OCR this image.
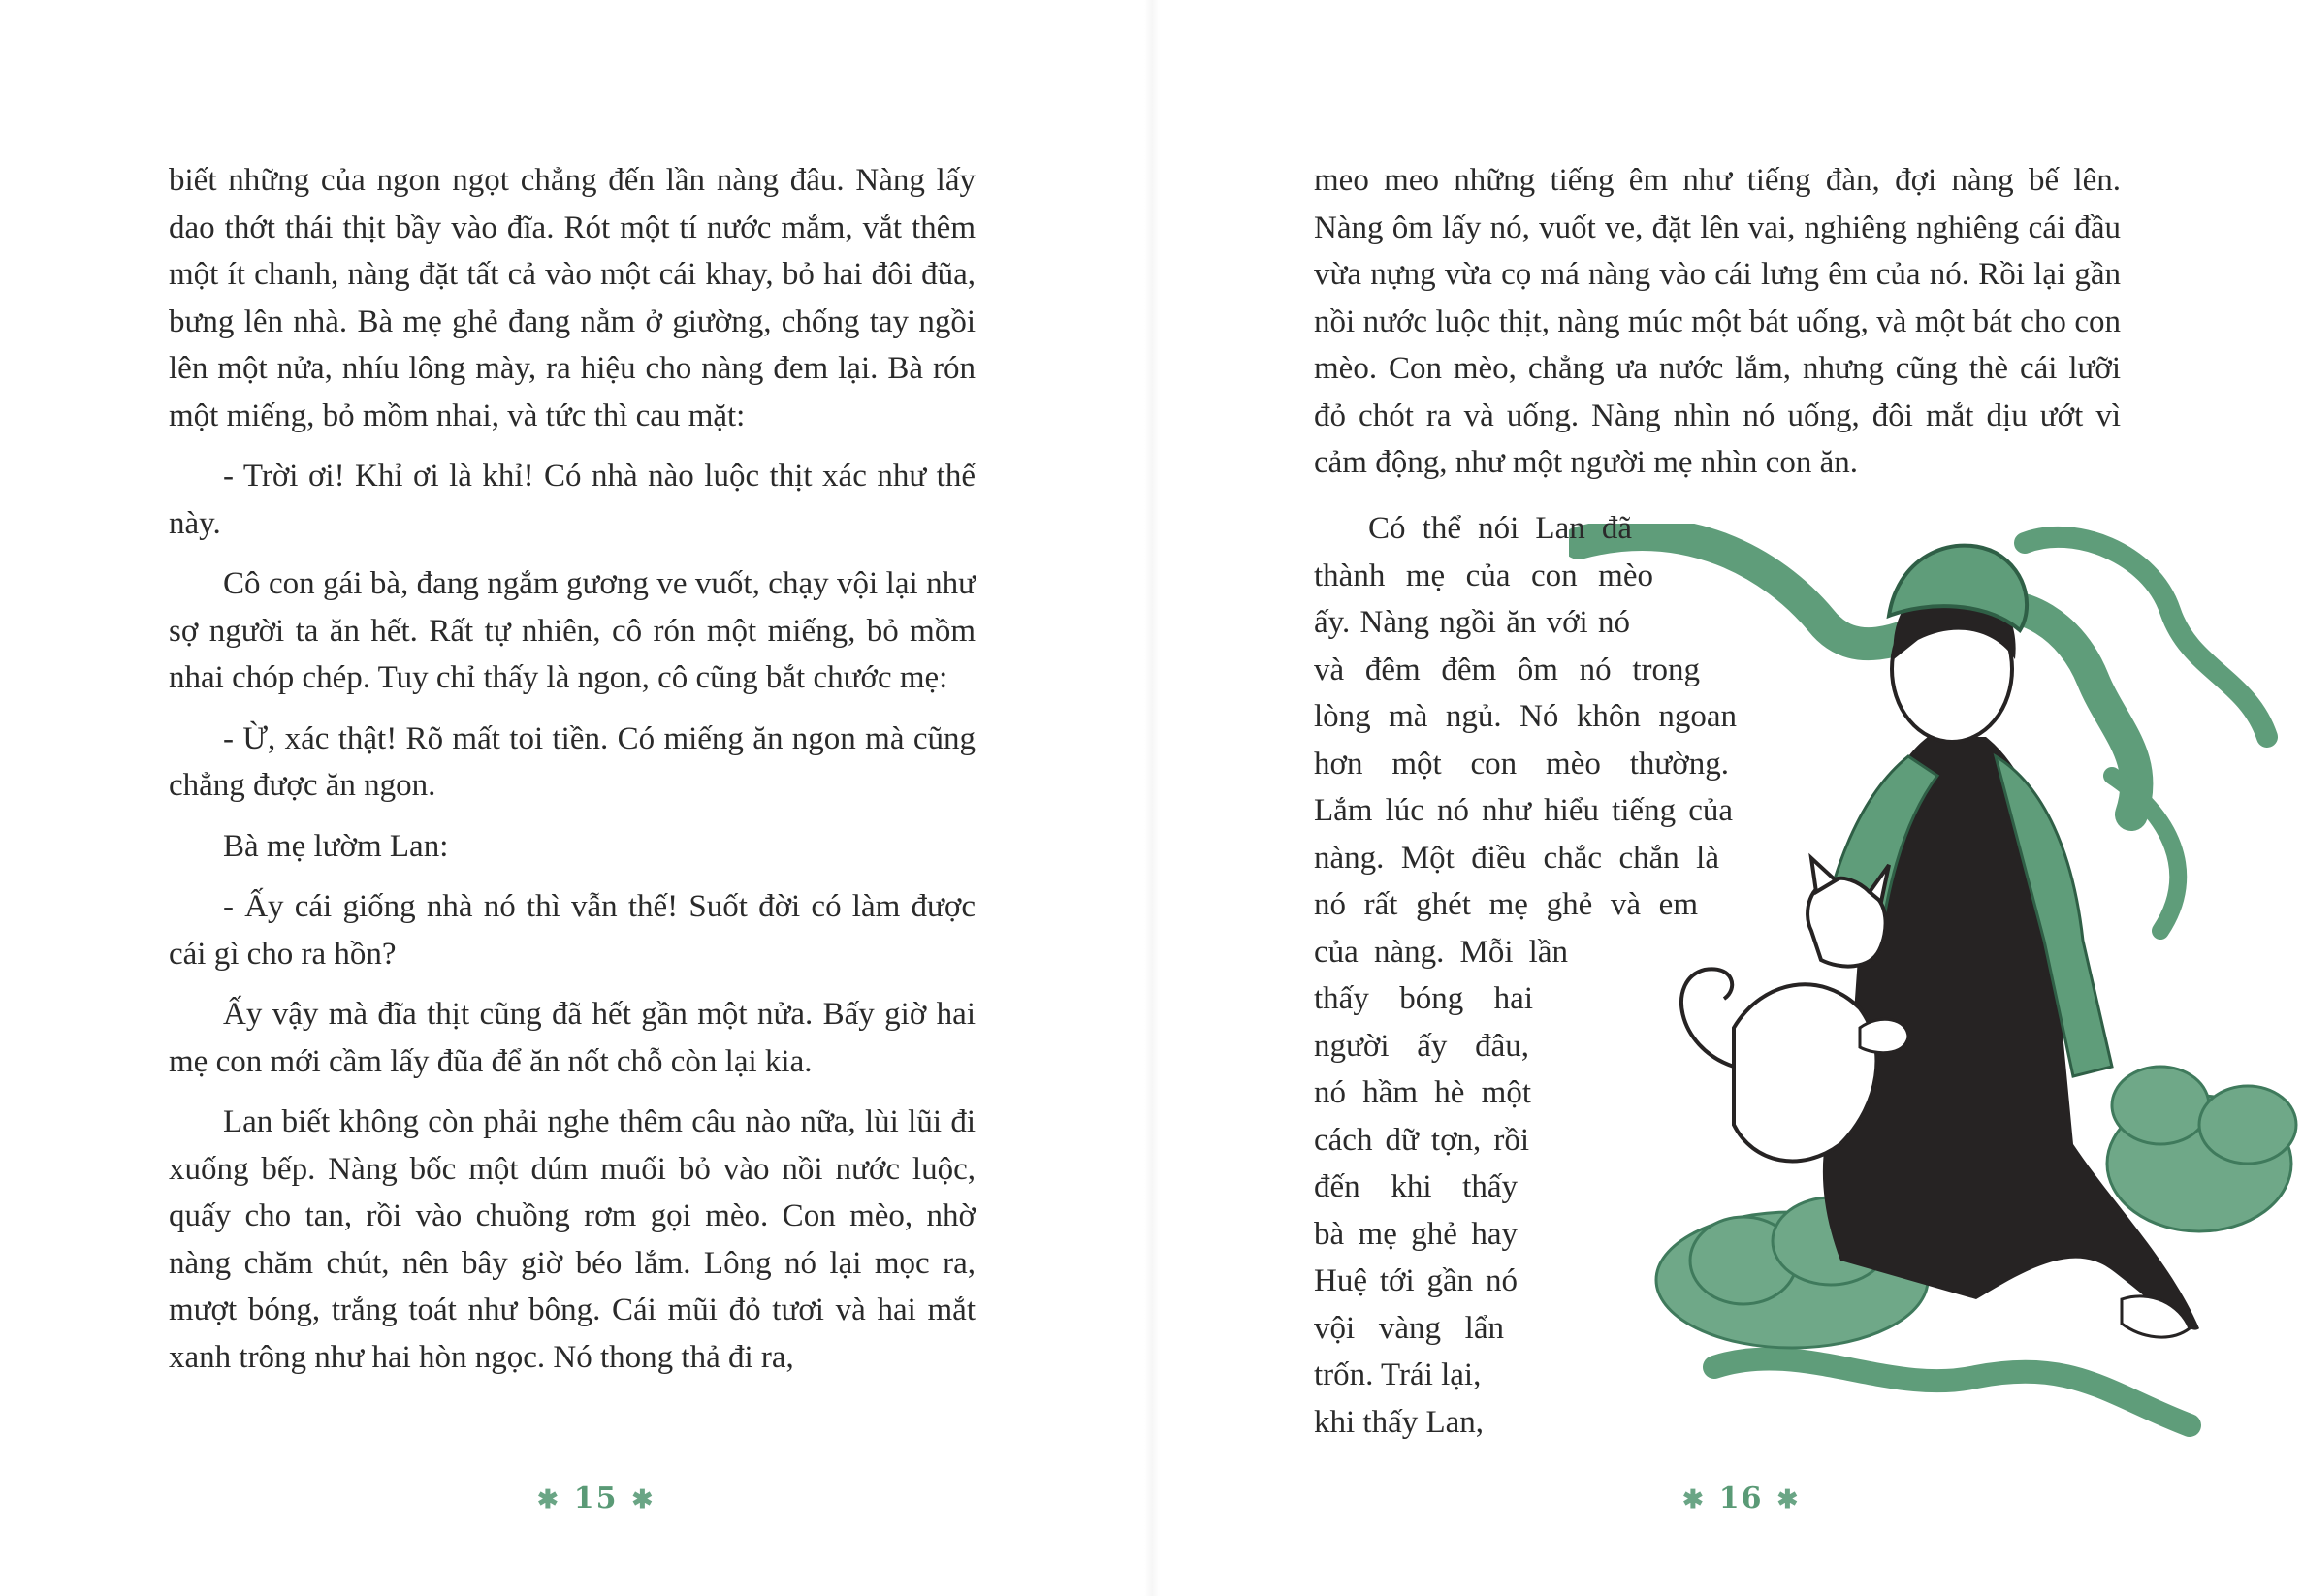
biết những của ngon ngọt chẳng đến lần nàng đâu. Nàng lấy dao thớt thái thịt bầy vào đĩa. Rót một tí nước mắm, vắt thêm một ít chanh, nàng đặt tất cả vào một cái khay, bỏ hai đôi đũa, bưng lên nhà. Bà mẹ ghẻ đang nằm ở giường, chống tay ngồi lên một nửa, nhíu lông mày, ra hiệu cho nàng đem lại. Bà rón một miếng, bỏ mồm nhai, và tức thì cau mặt:

- Trời ơi! Khỉ ơi là khỉ! Có nhà nào luộc thịt xác như thế này.

Cô con gái bà, đang ngắm gương ve vuốt, chạy vội lại như sợ người ta ăn hết. Rất tự nhiên, cô rón một miếng, bỏ mồm nhai chóp chép. Tuy chỉ thấy là ngon, cô cũng bắt chước mẹ:

- Ừ, xác thật! Rõ mất toi tiền. Có miếng ăn ngon mà cũng chẳng được ăn ngon.

Bà mẹ lườm Lan:

- Ấy cái giống nhà nó thì vẫn thế! Suốt đời có làm được cái gì cho ra hồn?

Ấy vậy mà đĩa thịt cũng đã hết gần một nửa. Bấy giờ hai mẹ con mới cầm lấy đũa để ăn nốt chỗ còn lại kia.

Lan biết không còn phải nghe thêm câu nào nữa, lùi lũi đi xuống bếp. Nàng bốc một dúm muối bỏ vào nồi nước luộc, quấy cho tan, rồi vào chuồng rơm gọi mèo. Con mèo, nhờ nàng chăm chút, nên bây giờ béo lắm. Lông nó lại mọc ra, mượt bóng, trắng toát như bông. Cái mũi đỏ tươi và hai mắt xanh trông như hai hòn ngọc. Nó thong thả đi ra,

✱ 15 ✱

meo meo những tiếng êm như tiếng đàn, đợi nàng bế lên. Nàng ôm lấy nó, vuốt ve, đặt lên vai, nghiêng nghiêng cái đầu vừa nựng vừa cọ má nàng vào cái lưng êm của nó. Rồi lại gần nồi nước luộc thịt, nàng múc một bát uống, và một bát cho con mèo. Con mèo, chẳng ưa nước lắm, nhưng cũng thè cái lưỡi đỏ chót ra và uống. Nàng nhìn nó uống, đôi mắt dịu ướt vì cảm động, như một người mẹ nhìn con ăn.

Có thể nói Lan đã
thành mẹ của con mèo
ấy. Nàng ngồi ăn với nó
và đêm đêm ôm nó trong
lòng mà ngủ. Nó khôn ngoan
hơn một con mèo thường.
Lắm lúc nó như hiểu tiếng của
nàng. Một điều chắc chắn là
nó rất ghét mẹ ghẻ và em
của nàng. Mỗi lần
thấy bóng hai
người ấy đâu,
nó hầm hè một
cách dữ tợn, rồi
đến khi thấy
bà mẹ ghẻ hay
Huệ tới gần nó
vội vàng lẩn
trốn. Trái lại,
khi thấy Lan,
✱ 16 ✱
